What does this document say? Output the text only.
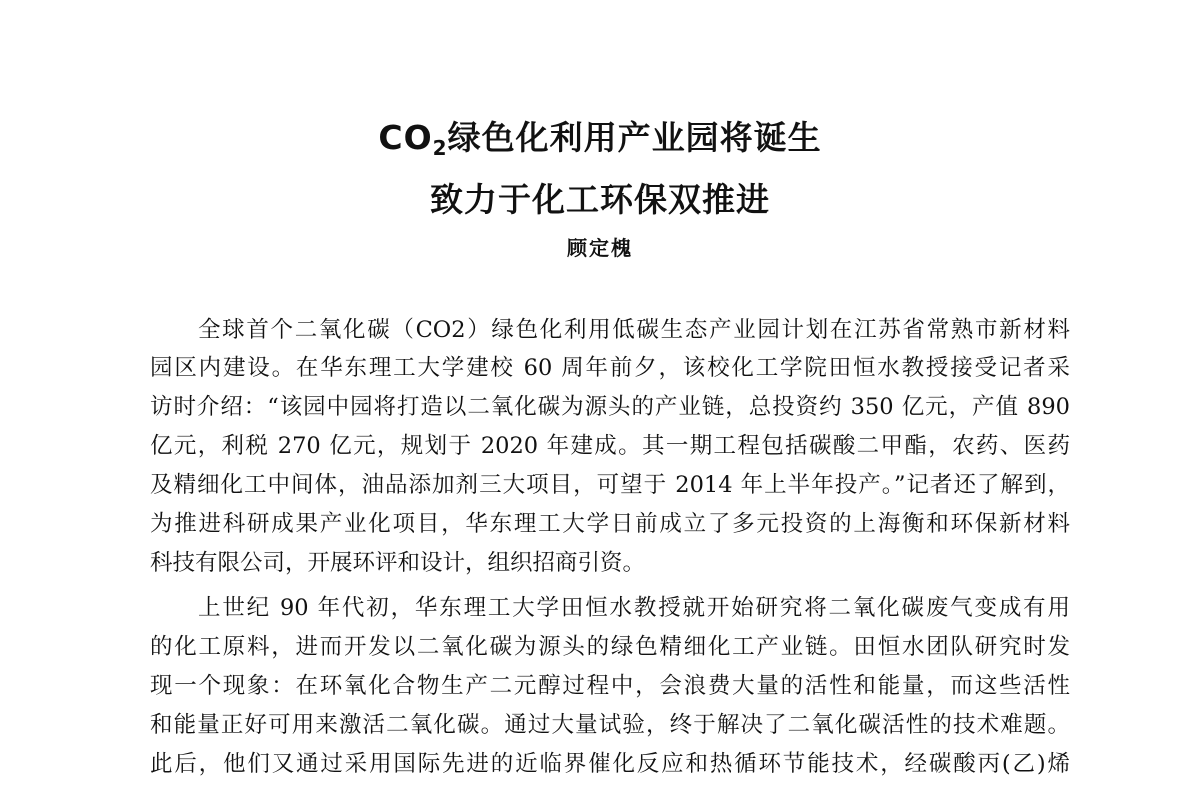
$CO_2$绿色化利用产业园将诞生
致力于化工环保双推进
顾定槐
全球首个二氧化碳（CO2）绿色化利用低碳生态产业园计划在江苏省常熟市新材料
园区内建设。在华东理工大学建校 60 周年前夕，该校化工学院田恒水教授接受记者采
访时介绍：“该园中园将打造以二氧化碳为源头的产业链，总投资约 350 亿元，产值 890
亿元，利税 270 亿元，规划于 2020 年建成。其一期工程包括碳酸二甲酯，农药、医药
及精细化工中间体，油品添加剂三大项目，可望于 2014 年上半年投产。”记者还了解到，
为推进科研成果产业化项目，华东理工大学日前成立了多元投资的上海衡和环保新材料
科技有限公司，开展环评和设计，组织招商引资。
上世纪 90 年代初，华东理工大学田恒水教授就开始研究将二氧化碳废气变成有用
的化工原料，进而开发以二氧化碳为源头的绿色精细化工产业链。田恒水团队研究时发
现一个现象：在环氧化合物生产二元醇过程中，会浪费大量的活性和能量，而这些活性
和能量正好可用来激活二氧化碳。通过大量试验，终于解决了二氧化碳活性的技术难题。
此后，他们又通过采用国际先进的近临界催化反应和热循环节能技术，经碳酸丙(乙)烯
